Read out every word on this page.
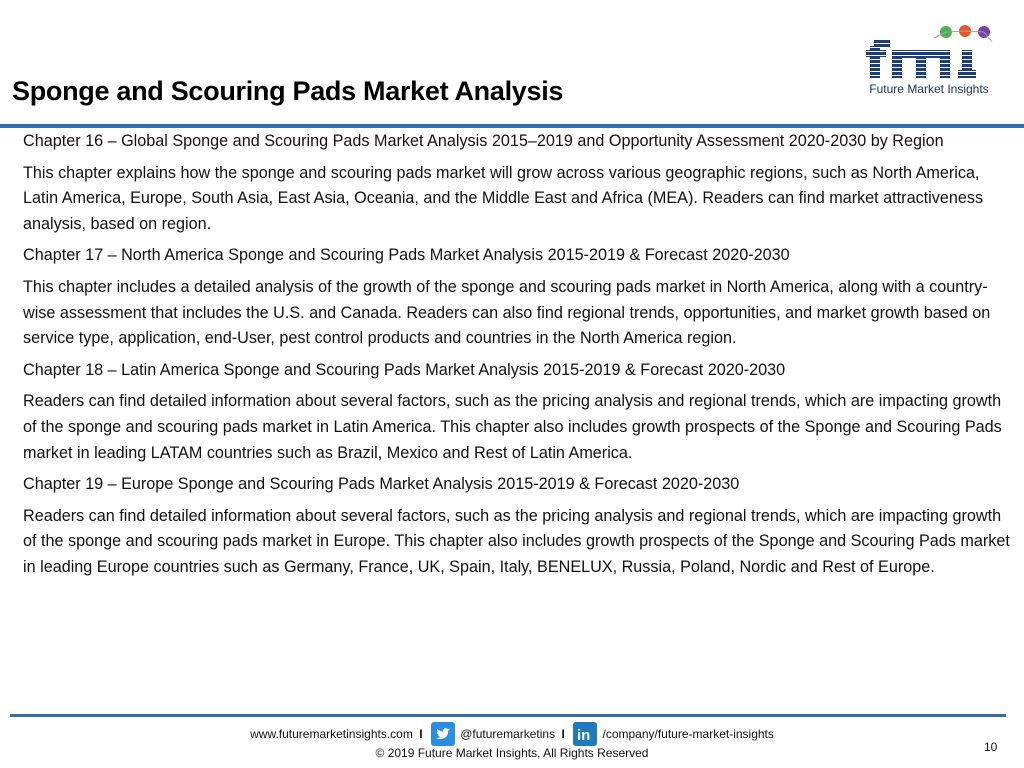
Sponge and Scouring Pads Market Analysis	Future Market Insights

Chapter 16 – Global Sponge and Scouring Pads Market Analysis 2015–2019 and Opportunity Assessment 2020-2030 by Region

This chapter explains how the sponge and scouring pads market will grow across various geographic regions, such as North America, Latin America, Europe, South Asia, East Asia, Oceania, and the Middle East and Africa (MEA). Readers can find market attractiveness analysis, based on region.

Chapter 17 – North America Sponge and Scouring Pads Market Analysis 2015-2019 & Forecast 2020-2030

This chapter includes a detailed analysis of the growth of the sponge and scouring pads market in North America, along with a country-wise assessment that includes the U.S. and Canada. Readers can also find regional trends, opportunities, and market growth based on service type, application, end-User, pest control products and countries in the North America region.

Chapter 18 – Latin America Sponge and Scouring Pads Market Analysis 2015-2019 & Forecast 2020-2030

Readers can find detailed information about several factors, such as the pricing analysis and regional trends, which are impacting growth of the sponge and scouring pads market in Latin America. This chapter also includes growth prospects of the Sponge and Scouring Pads market in leading LATAM countries such as Brazil, Mexico and Rest of Latin America.

Chapter 19 – Europe Sponge and Scouring Pads Market Analysis 2015-2019 & Forecast 2020-2030

Readers can find detailed information about several factors, such as the pricing analysis and regional trends, which are impacting growth of the sponge and scouring pads market in Europe. This chapter also includes growth prospects of the Sponge and Scouring Pads market in leading Europe countries such as Germany, France, UK, Spain, Italy, BENELUX, Russia, Poland, Nordic and Rest of Europe.

www.futuremarketinsights.com I	@futuremarketins I in /company/future-market-insights
© 2019 Future Market Insights, All Rights Reserved	10
